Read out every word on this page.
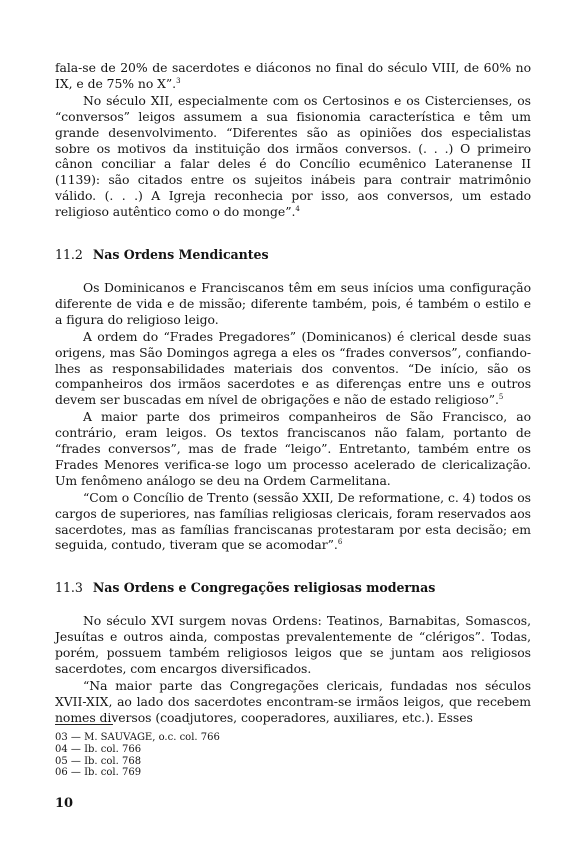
fala-se de 20% de sacerdotes e diáconos no final do século VIII, de 60% no IX, e de 75% no X”.$^3$

No século XII, especialmente com os Certosinos e os Cistercienses, os “conversos” leigos assumem a sua fisionomia característica e têm um grande desenvolvimento. “Diferentes são as opiniões dos especialistas sobre os motivos da instituição dos irmãos conversos. (. . .) O primeiro cânon conciliar a falar deles é do Concílio ecumênico Lateranense II (1139): são citados entre os sujeitos inábeis para contrair matrimônio válido. (. . .) A Igreja reconhecia por isso, aos conversos, um estado religioso autêntico como o do monge”.$^4$

11.2 Nas Ordens Mendicantes

Os Dominicanos e Franciscanos têm em seus inícios uma configuração diferente de vida e de missão; diferente também, pois, é também o estilo e a figura do religioso leigo.

A ordem do “Frades Pregadores” (Dominicanos) é clerical desde suas origens, mas São Domingos agrega a eles os “frades conversos”, confiando-lhes as responsabilidades materiais dos conventos. “De início, são os companheiros dos irmãos sacerdotes e as diferenças entre uns e outros devem ser buscadas em nível de obrigações e não de estado religioso”.$^5$

A maior parte dos primeiros companheiros de São Francisco, ao contrário, eram leigos. Os textos franciscanos não falam, portanto de “frades conversos”, mas de frade “leigo”. Entretanto, também entre os Frades Menores verifica-se logo um processo acelerado de clericalização. Um fenômeno análogo se deu na Ordem Carmelitana.

“Com o Concílio de Trento (sessão XXII, De reformatione, c. 4) todos os cargos de superiores, nas famílias religiosas clericais, foram reservados aos sacerdotes, mas as famílias franciscanas protestaram por esta decisão; em seguida, contudo, tiveram que se acomodar”.$^6$

11.3 Nas Ordens e Congregações religiosas modernas

No século XVI surgem novas Ordens: Teatinos, Barnabitas, Somascos, Jesuítas e outros ainda, compostas prevalentemente de “clérigos”. Todas, porém, possuem também religiosos leigos que se juntam aos religiosos sacerdotes, com encargos diversificados.

“Na maior parte das Congregações clericais, fundadas nos séculos XVII-XIX, ao lado dos sacerdotes encontram-se irmãos leigos, que recebem nomes diversos (coadjutores, cooperadores, auxiliares, etc.). Esses

03 — M. SAUVAGE, o.c. col. 766
04 — Ib. col. 766
05 — Ib. col. 768
06 — Ib. col. 769
10
